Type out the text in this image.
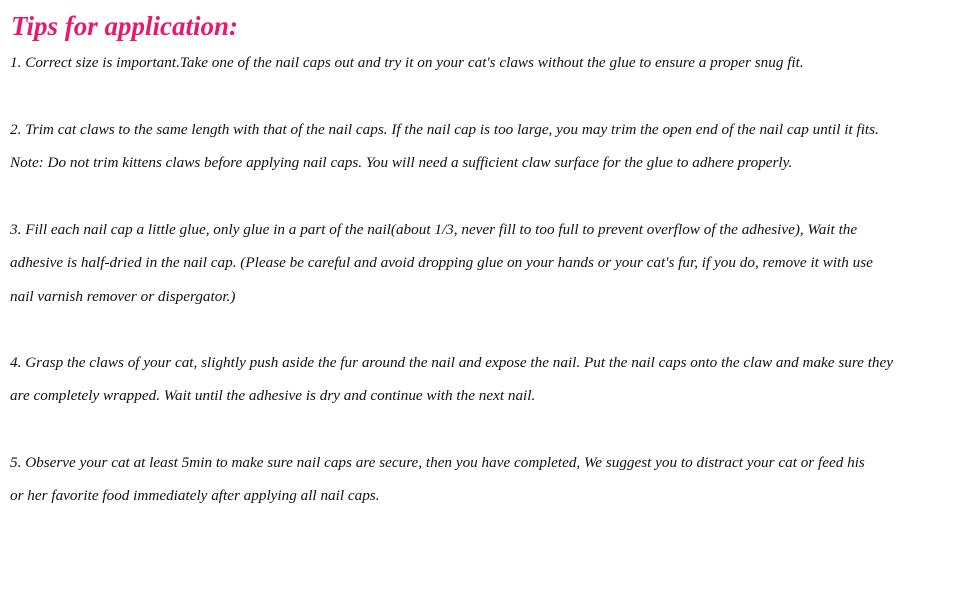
Tips for application:

1. Correct size is important.Take one of the nail caps out and try it on your cat's claws without the glue to ensure a proper snug fit.

2. Trim cat claws to the same length with that of the nail caps. If the nail cap is too large, you may trim the open end of the nail cap until it fits.
Note: Do not trim kittens claws before applying nail caps. You will need a sufficient claw surface for the glue to adhere properly.

3. Fill each nail cap a little glue, only glue in a part of the nail(about 1/3, never fill to too full to prevent overflow of the adhesive), Wait the
adhesive is half-dried in the nail cap. (Please be careful and avoid dropping glue on your hands or your cat's fur, if you do, remove it with use
nail varnish remover or dispergator.)

4. Grasp the claws of your cat, slightly push aside the fur around the nail and expose the nail. Put the nail caps onto the claw and make sure they
are completely wrapped. Wait until the adhesive is dry and continue with the next nail.

5. Observe your cat at least 5min to make sure nail caps are secure, then you have completed, We suggest you to distract your cat or feed his
or her favorite food immediately after applying all nail caps.
